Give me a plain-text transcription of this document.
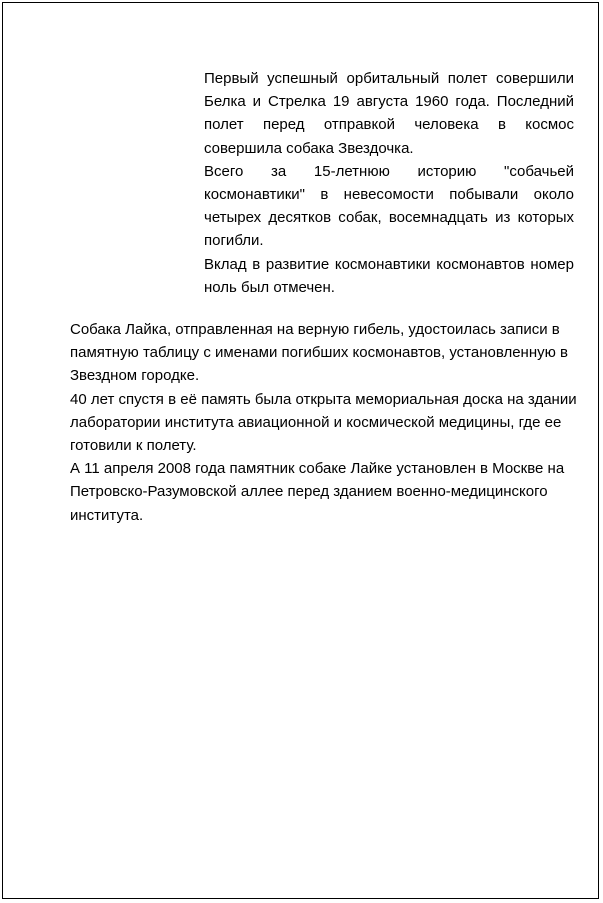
Первый успешный орбитальный полет совершили Белка и Стрелка 19 августа 1960 года. Последний полет перед отправкой человека в космос совершила собака Звездочка.

Всего за 15-летнюю историю "собачьей космонавтики" в невесомости побывали около четырех десятков собак, восемнадцать из которых погибли.

Вклад в развитие космонавтики космонавтов номер ноль был отмечен.

Собака Лайка, отправленная на верную гибель, удостоилась записи в памятную таблицу с именами погибших космонавтов, установленную в Звездном городке.

40 лет спустя в её память была открыта мемориальная доска на здании лаборатории института авиационной и космической медицины, где ее готовили к полету.

А 11 апреля 2008 года памятник собаке Лайке установлен в Москве на Петровско-Разумовской аллее перед зданием военно-медицинского института.
